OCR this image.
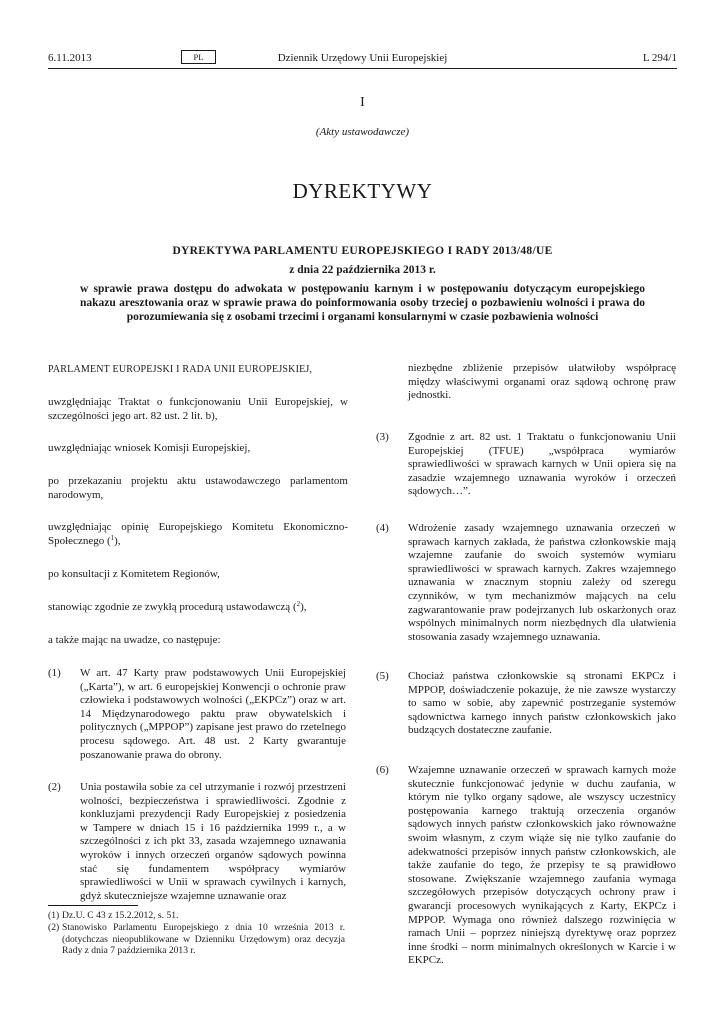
6.11.2013	PL	Dziennik Urzędowy Unii Europejskiej	L 294/1
I
(Akty ustawodawcze)
DYREKTYWY
DYREKTYWA PARLAMENTU EUROPEJSKIEGO I RADY 2013/48/UE
z dnia 22 października 2013 r.
w sprawie prawa dostępu do adwokata w postępowaniu karnym i w postępowaniu dotyczącym europejskiego nakazu aresztowania oraz w sprawie prawa do poinformowania osoby trzeciej o pozbawieniu wolności i prawa do porozumiewania się z osobami trzecimi i organami konsularnymi w czasie pozbawienia wolności
PARLAMENT EUROPEJSKI I RADA UNII EUROPEJSKIEJ,
uwzględniając Traktat o funkcjonowaniu Unii Europejskiej, w szczególności jego art. 82 ust. 2 lit. b),
uwzględniając wniosek Komisji Europejskiej,
po przekazaniu projektu aktu ustawodawczego parlamentom narodowym,
uwzględniając opinię Europejskiego Komitetu Ekonomiczno-Społecznego ($^1$),
po konsultacji z Komitetem Regionów,
stanowiąc zgodnie ze zwykłą procedurą ustawodawczą ($^2$),
a także mając na uwadze, co następuje:
(1) W art. 47 Karty praw podstawowych Unii Europejskiej („Karta”), w art. 6 europejskiej Konwencji o ochronie praw człowieka i podstawowych wolności („EKPCz”) oraz w art. 14 Międzynarodowego paktu praw obywatelskich i politycznych („MPPOP”) zapisane jest prawo do rzetelnego procesu sądowego. Art. 48 ust. 2 Karty gwarantuje poszanowanie prawa do obrony.
(2) Unia postawiła sobie za cel utrzymanie i rozwój przestrzeni wolności, bezpieczeństwa i sprawiedliwości. Zgodnie z konkluzjami prezydencji Rady Europejskiej z posiedzenia w Tampere w dniach 15 i 16 października 1999 r., a w szczególności z ich pkt 33, zasada wzajemnego uznawania wyroków i innych orzeczeń organów sądowych powinna stać się fundamentem współpracy wymiarów sprawiedliwości w Unii w sprawach cywilnych i karnych, gdyż skuteczniejsze wzajemne uznawanie oraz
(1) Dz.U. C 43 z 15.2.2012, s. 51.
(2) Stanowisko Parlamentu Europejskiego z dnia 10 września 2013 r. (dotychczas nieopublikowane w Dzienniku Urzędowym) oraz decyzja Rady z dnia 7 października 2013 r.
niezbędne zbliżenie przepisów ułatwiłoby współpracę między właściwymi organami oraz sądową ochronę praw jednostki.
(3) Zgodnie z art. 82 ust. 1 Traktatu o funkcjonowaniu Unii Europejskiej (TFUE) „współpraca wymiarów sprawiedliwości w sprawach karnych w Unii opiera się na zasadzie wzajemnego uznawania wyroków i orzeczeń sądowych…”.
(4) Wdrożenie zasady wzajemnego uznawania orzeczeń w sprawach karnych zakłada, że państwa członkowskie mają wzajemne zaufanie do swoich systemów wymiaru sprawiedliwości w sprawach karnych. Zakres wzajemnego uznawania w znacznym stopniu zależy od szeregu czynników, w tym mechanizmów mających na celu zagwarantowanie praw podejrzanych lub oskarżonych oraz wspólnych minimalnych norm niezbędnych dla ułatwienia stosowania zasady wzajemnego uznawania.
(5) Chociaż państwa członkowskie są stronami EKPCz i MPPOP, doświadczenie pokazuje, że nie zawsze wystarczy to samo w sobie, aby zapewnić postrzeganie systemów sądownictwa karnego innych państw członkowskich jako budzących dostateczne zaufanie.
(6) Wzajemne uznawanie orzeczeń w sprawach karnych może skutecznie funkcjonować jedynie w duchu zaufania, w którym nie tylko organy sądowe, ale wszyscy uczestnicy postępowania karnego traktują orzeczenia organów sądowych innych państw członkowskich jako równoważne swoim własnym, z czym wiąże się nie tylko zaufanie do adekwatności przepisów innych państw członkowskich, ale także zaufanie do tego, że przepisy te są prawidłowo stosowane. Zwiększanie wzajemnego zaufania wymaga szczegółowych przepisów dotyczących ochrony praw i gwarancji procesowych wynikających z Karty, EKPCz i MPPOP. Wymaga ono również dalszego rozwinięcia w ramach Unii – poprzez niniejszą dyrektywę oraz poprzez inne środki – norm minimalnych określonych w Karcie i w EKPCz.
